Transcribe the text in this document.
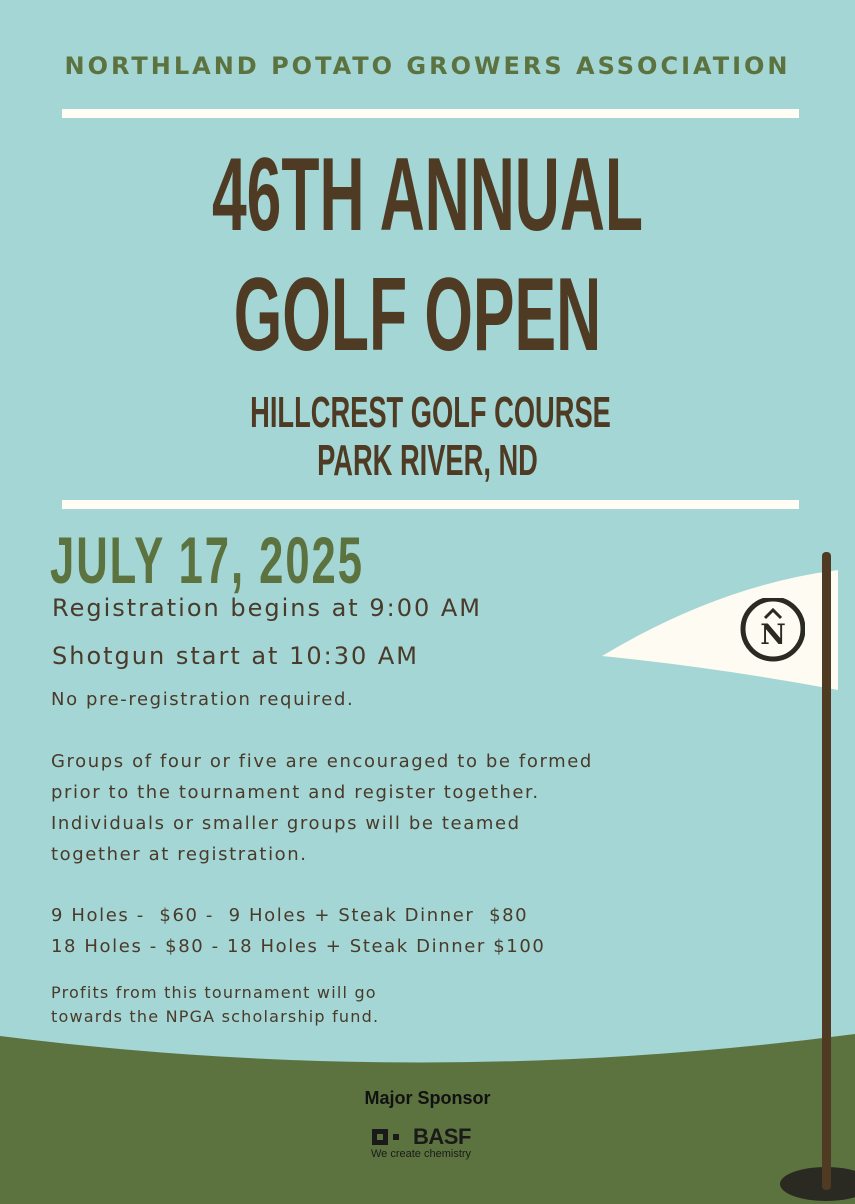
N
NORTHLAND POTATO GROWERS ASSOCIATION
46TH ANNUAL
GOLF OPEN
HILLCREST GOLF COURSE
PARK RIVER, ND
JULY 17, 2025
Registration begins at 9:00 AM
Shotgun start at 10:30 AM
No pre-registration required.
Groups of four or five are encouraged to be formed
prior to the tournament and register together.
Individuals or smaller groups will be teamed
together at registration.
9 Holes -  $60 -  9 Holes + Steak Dinner  $80
18 Holes - $80 - 18 Holes + Steak Dinner $100
Profits from this tournament will go
towards the NPGA scholarship fund.
Major Sponsor
BASF
We create chemistry
